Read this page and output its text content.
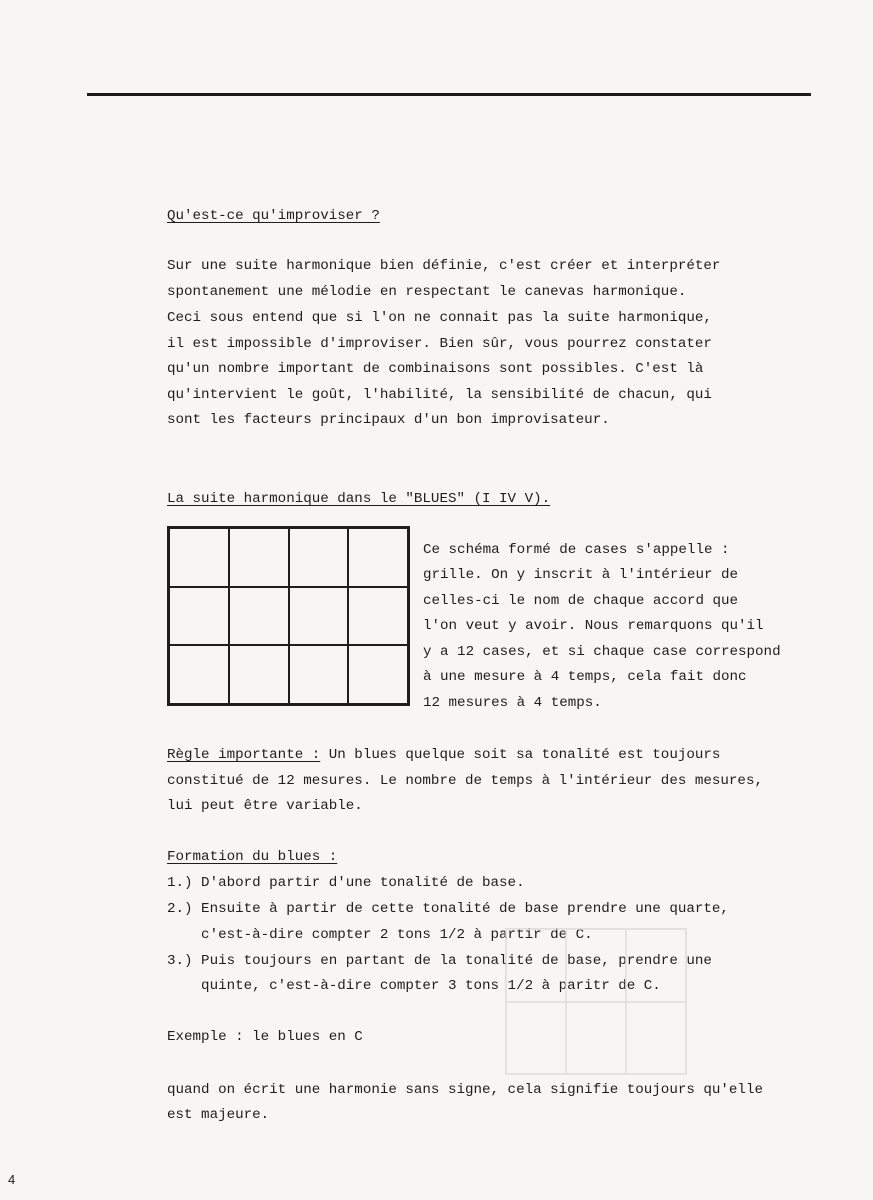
Qu'est-ce qu'improviser ?
Sur une suite harmonique bien définie, c'est créer et interpréter
spontanement une mélodie en respectant le canevas harmonique.
Ceci sous entend que si l'on ne connait pas la suite harmonique,
il est impossible d'improviser. Bien sûr, vous pourrez constater
qu'un nombre important de combinaisons sont possibles. C'est là
qu'intervient le goût, l'habilité, la sensibilité de chacun, qui
sont les facteurs principaux d'un bon improvisateur.
La suite harmonique dans le "BLUES" (I IV V).
Ce schéma formé de cases s'appelle :
grille. On y inscrit à l'intérieur de
celles-ci le nom de chaque accord que
l'on veut y avoir. Nous remarquons qu'il
y a 12 cases, et si chaque case correspond
à une mesure à 4 temps, cela fait donc
12 mesures à 4 temps.
Règle importante : Un blues quelque soit sa tonalité est toujours
constitué de 12 mesures. Le nombre de temps à l'intérieur des mesures,
lui peut être variable.
Formation du blues :
1.) D'abord partir d'une tonalité de base.
2.) Ensuite à partir de cette tonalité de base prendre une quarte,
c'est-à-dire compter 2 tons 1/2 à partir de C.
3.) Puis toujours en partant de la tonalité de base, prendre une
quinte, c'est-à-dire compter 3 tons 1/2 à paritr de C.
Exemple : le blues en C
quand on écrit une harmonie sans signe, cela signifie toujours qu'elle
est majeure.
4
